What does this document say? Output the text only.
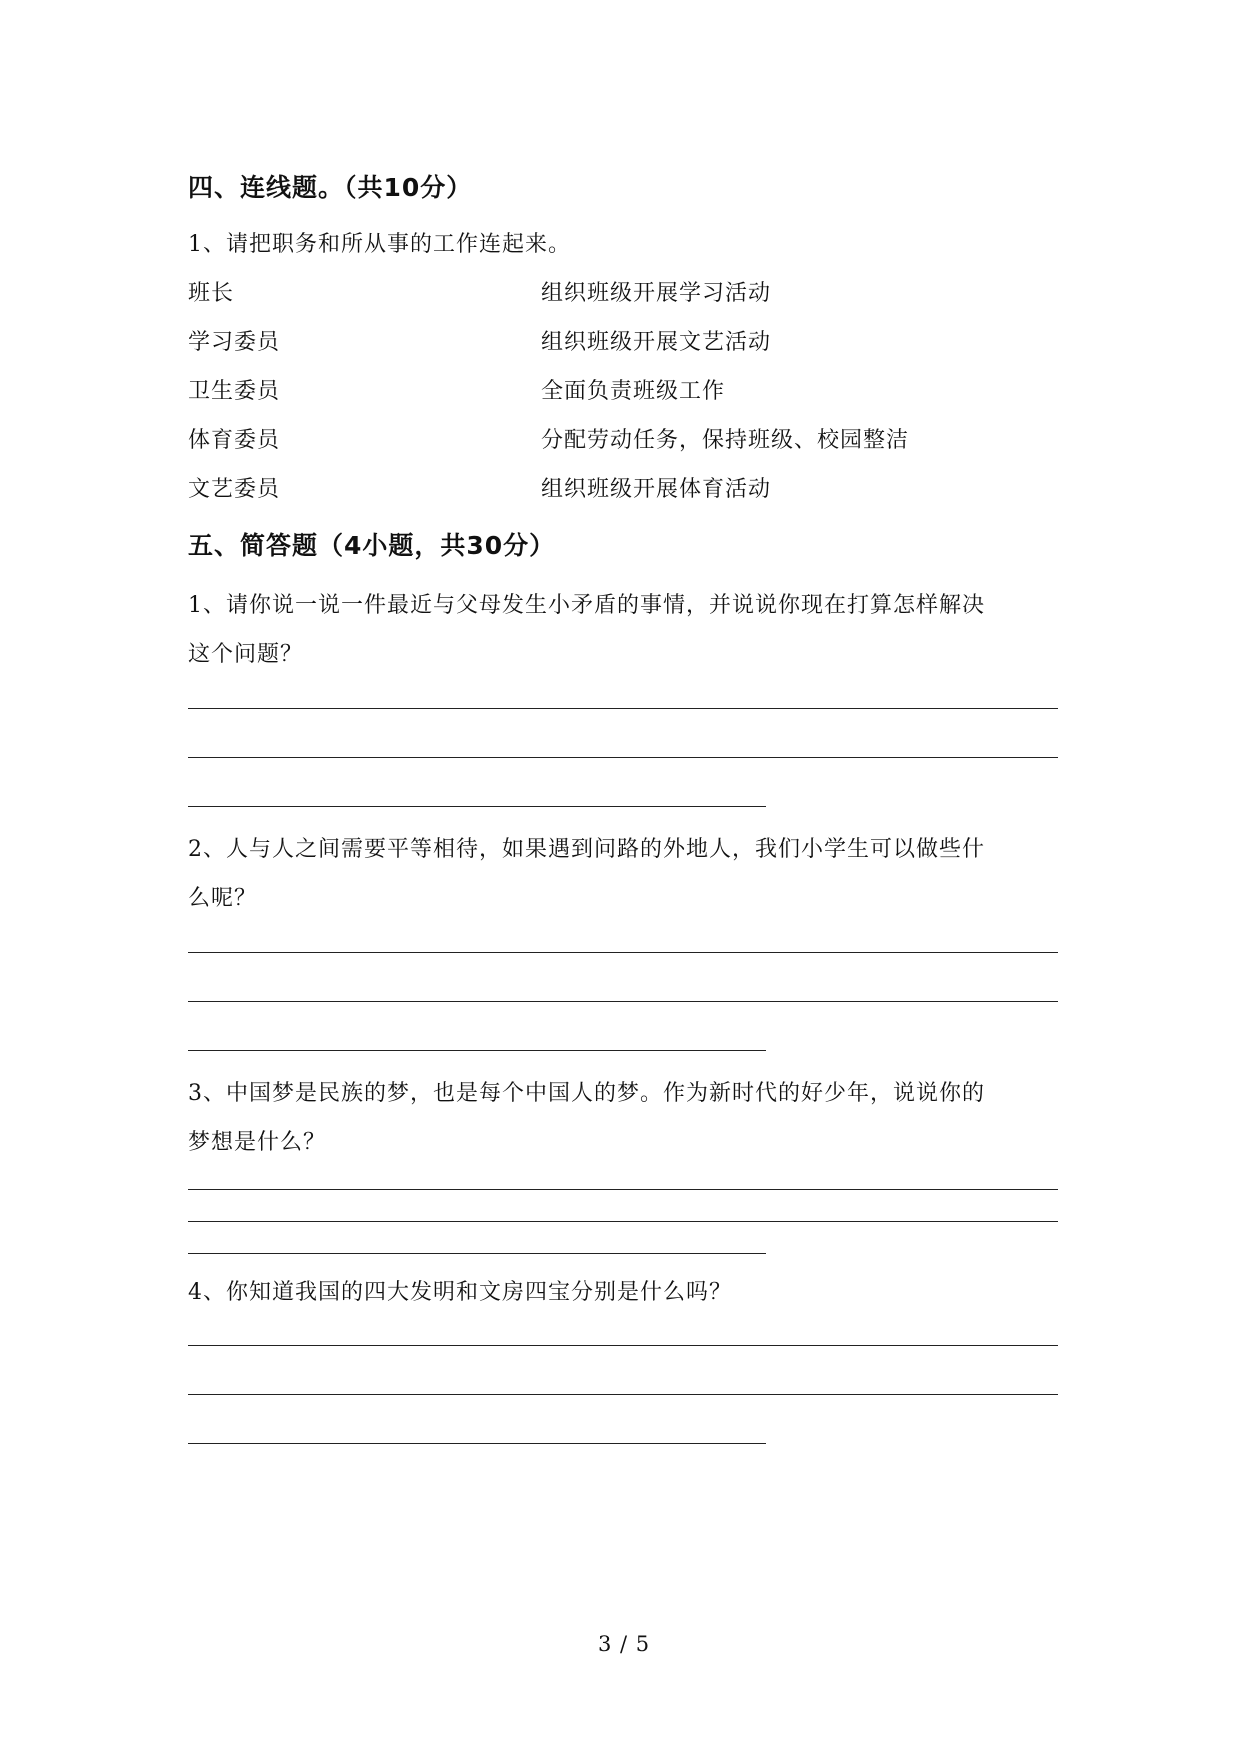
四、连线题。（共10分）
1、请把职务和所从事的工作连起来。
班长	组织班级开展学习活动
学习委员	组织班级开展文艺活动
卫生委员	全面负责班级工作
体育委员	分配劳动任务，保持班级、校园整洁
文艺委员	组织班级开展体育活动
五、简答题（4小题，共30分）
1、请你说一说一件最近与父母发生小矛盾的事情，并说说你现在打算怎样解决
这个问题？
2、人与人之间需要平等相待，如果遇到问路的外地人，我们小学生可以做些什
么呢？
3、中国梦是民族的梦，也是每个中国人的梦。作为新时代的好少年，说说你的
梦想是什么？
4、你知道我国的四大发明和文房四宝分别是什么吗？
3 / 5
